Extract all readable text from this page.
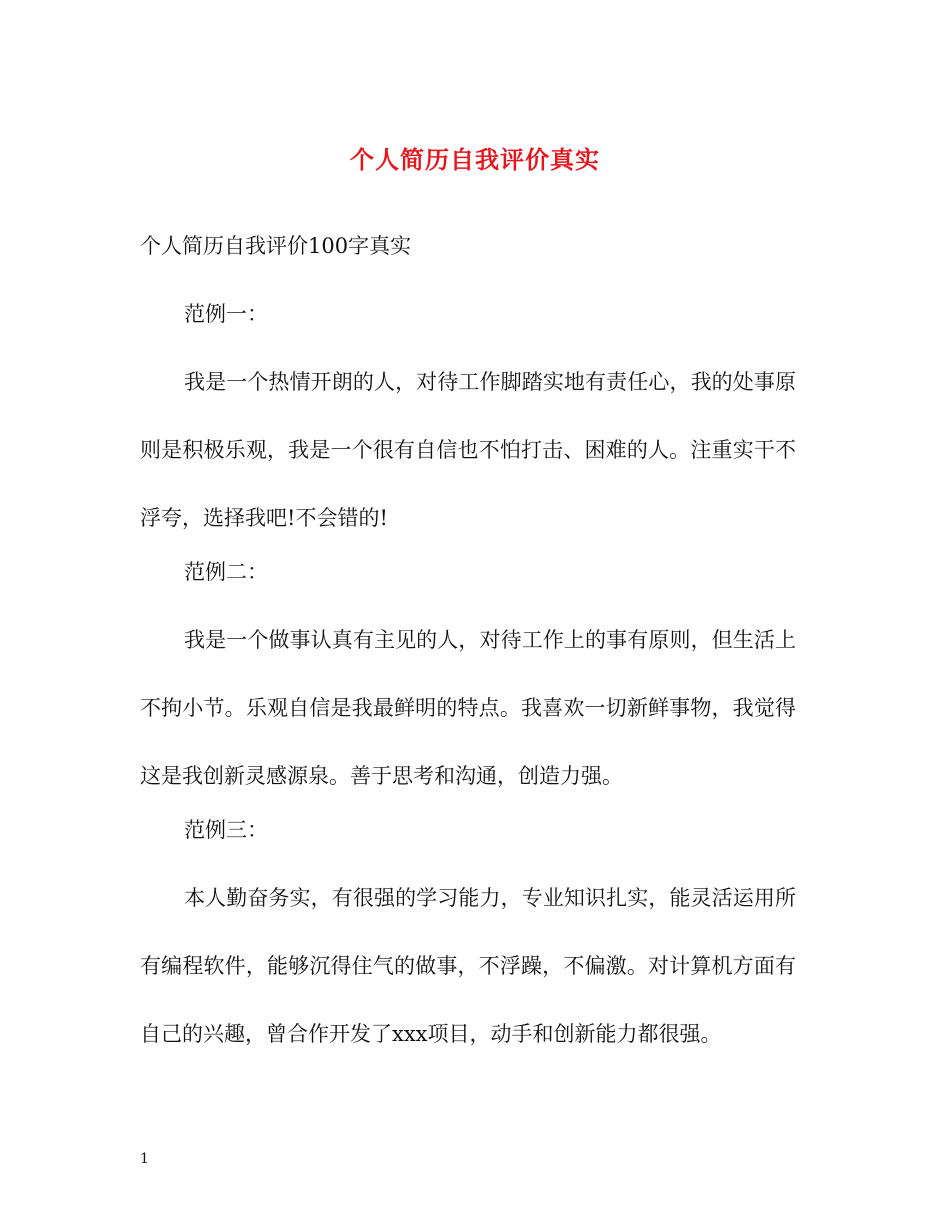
个人简历自我评价真实
个人简历自我评价100字真实
范例一：

我是一个热情开朗的人，对待工作脚踏实地有责任心，我的处事原则是积极乐观，我是一个很有自信也不怕打击、困难的人。注重实干不浮夸，选择我吧!不会错的!

范例二：

我是一个做事认真有主见的人，对待工作上的事有原则，但生活上不拘小节。乐观自信是我最鲜明的特点。我喜欢一切新鲜事物，我觉得这是我创新灵感源泉。善于思考和沟通，创造力强。

范例三：

本人勤奋务实，有很强的学习能力，专业知识扎实，能灵活运用所有编程软件，能够沉得住气的做事，不浮躁，不偏激。对计算机方面有自己的兴趣，曾合作开发了xxx项目，动手和创新能力都很强。

1
